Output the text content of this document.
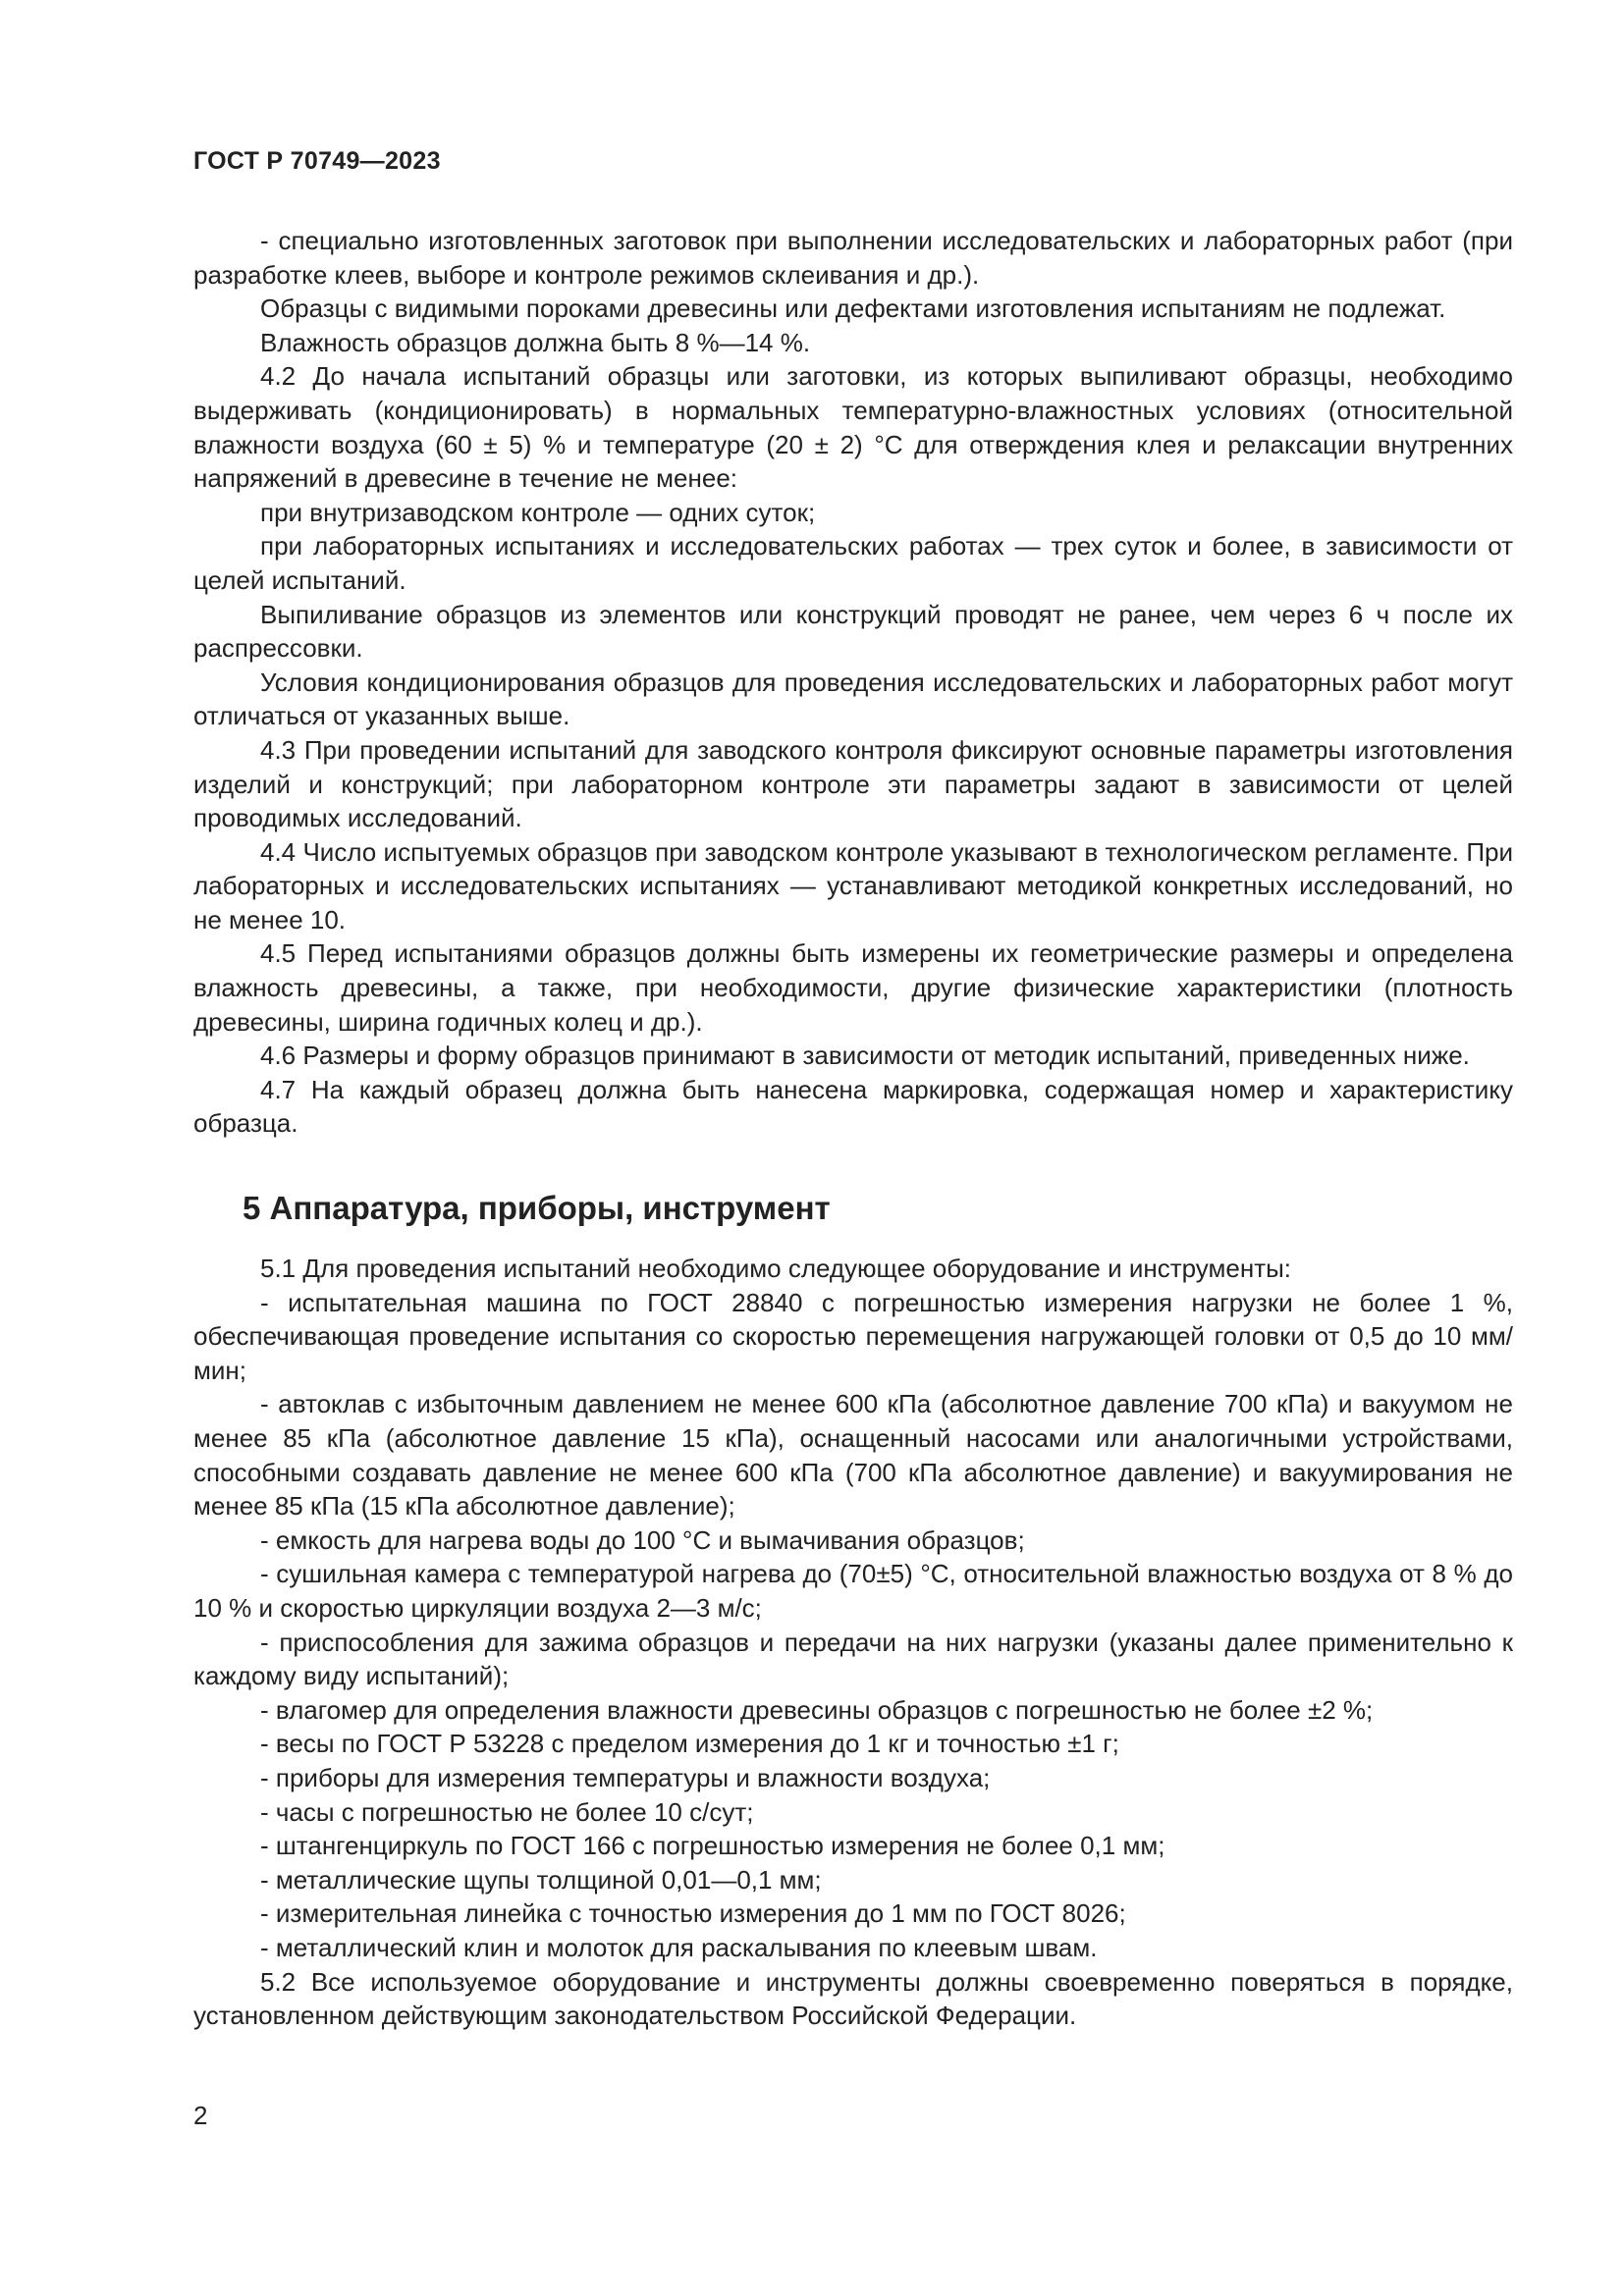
ГОСТ Р 70749—2023

- специально изготовленных заготовок при выполнении исследовательских и лабораторных работ (при разработке клеев, выборе и контроле режимов склеивания и др.).

Образцы с видимыми пороками древесины или дефектами изготовления испытаниям не подлежат.

Влажность образцов должна быть 8 %—14 %.

4.2 До начала испытаний образцы или заготовки, из которых выпиливают образцы, необходимо выдерживать (кондиционировать) в нормальных температурно-влажностных условиях (относительной влажности воздуха (60 ± 5) % и температуре (20 ± 2) °С для отверждения клея и релаксации внутренних напряжений в древесине в течение не менее:

при внутризаводском контроле — одних суток;

при лабораторных испытаниях и исследовательских работах — трех суток и более, в зависимости от целей испытаний.

Выпиливание образцов из элементов или конструкций проводят не ранее, чем через 6 ч после их распрессовки.

Условия кондиционирования образцов для проведения исследовательских и лабораторных работ могут отличаться от указанных выше.

4.3 При проведении испытаний для заводского контроля фиксируют основные параметры изготовления изделий и конструкций; при лабораторном контроле эти параметры задают в зависимости от целей проводимых исследований.

4.4 Число испытуемых образцов при заводском контроле указывают в технологическом регламенте. При лабораторных и исследовательских испытаниях — устанавливают методикой конкретных исследований, но не менее 10.

4.5 Перед испытаниями образцов должны быть измерены их геометрические размеры и определена влажность древесины, а также, при необходимости, другие физические характеристики (плотность древесины, ширина годичных колец и др.).

4.6 Размеры и форму образцов принимают в зависимости от методик испытаний, приведенных ниже.

4.7 На каждый образец должна быть нанесена маркировка, содержащая номер и характеристику образца.

5 Аппаратура, приборы, инструмент

5.1 Для проведения испытаний необходимо следующее оборудование и инструменты:

- испытательная машина по ГОСТ 28840 с погрешностью измерения нагрузки не более 1 %, обеспечивающая проведение испытания со скоростью перемещения нагружающей головки от 0,5 до 10 мм/мин;

- автоклав с избыточным давлением не менее 600 кПа (абсолютное давление 700 кПа) и вакуумом не менее 85 кПа (абсолютное давление 15 кПа), оснащенный насосами или аналогичными устройствами, способными создавать давление не менее 600 кПа (700 кПа абсолютное давление) и вакуумирования не менее 85 кПа (15 кПа абсолютное давление);

- емкость для нагрева воды до 100 °С и вымачивания образцов;

- сушильная камера с температурой нагрева до (70±5) °С, относительной влажностью воздуха от 8 % до 10 % и скоростью циркуляции воздуха 2—3 м/с;

- приспособления для зажима образцов и передачи на них нагрузки (указаны далее применительно к каждому виду испытаний);

- влагомер для определения влажности древесины образцов с погрешностью не более ±2 %;

- весы по ГОСТ Р 53228 с пределом измерения до 1 кг и точностью ±1 г;

- приборы для измерения температуры и влажности воздуха;

- часы с погрешностью не более 10 с/сут;

- штангенциркуль по ГОСТ 166 с погрешностью измерения не более 0,1 мм;

- металлические щупы толщиной 0,01—0,1 мм;

- измерительная линейка с точностью измерения до 1 мм по ГОСТ 8026;

- металлический клин и молоток для раскалывания по клеевым швам.

5.2 Все используемое оборудование и инструменты должны своевременно поверяться в порядке, установленном действующим законодательством Российской Федерации.

2
